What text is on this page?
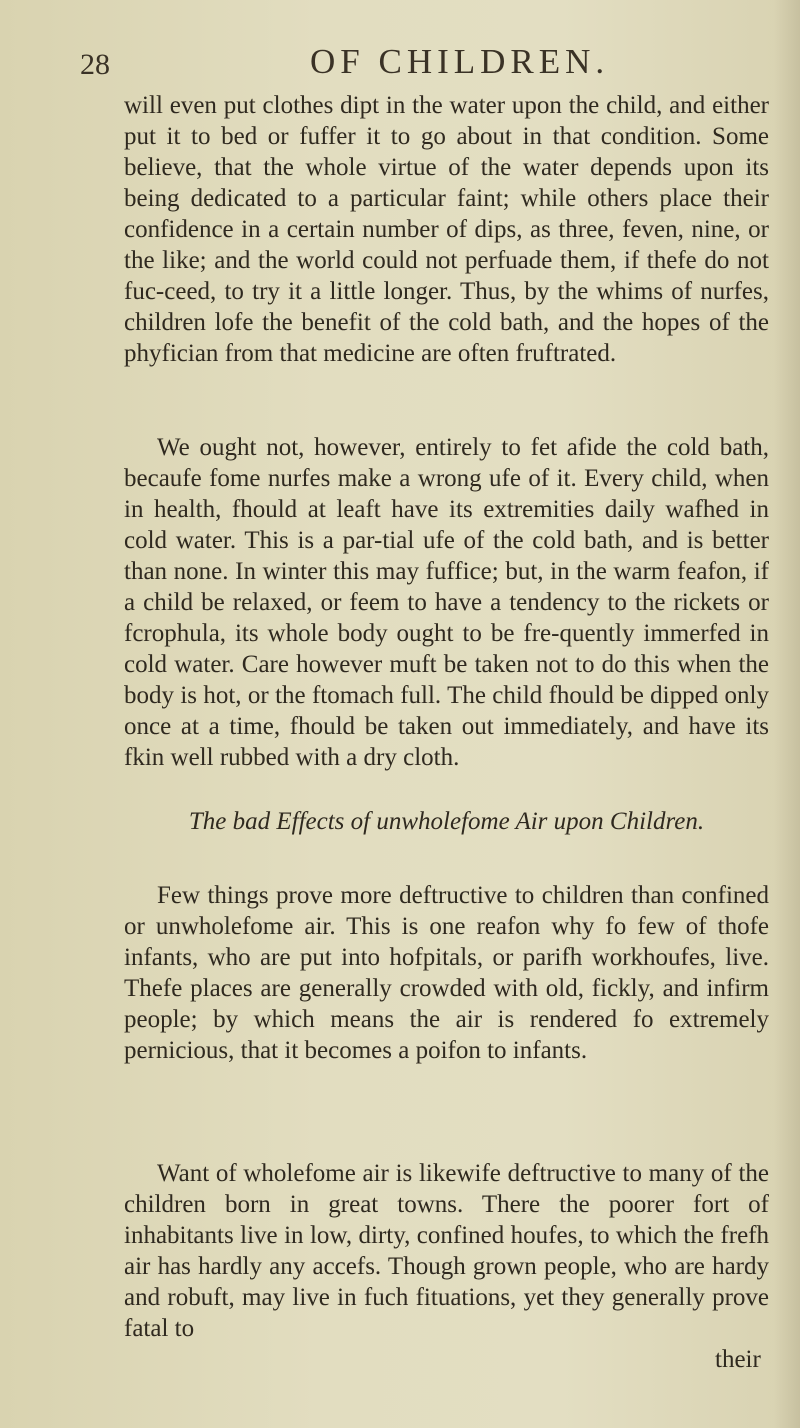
28	OF CHILDREN.
will even put clothes dipt in the water upon the child, and either put it to bed or fuffer it to go about in that condition. Some believe, that the whole virtue of the water depends upon its being dedicated to a particular faint; while others place their confidence in a certain number of dips, as three, feven, nine, or the like; and the world could not perfuade them, if thefe do not fuc-ceed, to try it a little longer. Thus, by the whims of nurfes, children lofe the benefit of the cold bath, and the hopes of the phyfician from that medicine are often fruftrated.
We ought not, however, entirely to fet afide the cold bath, becaufe fome nurfes make a wrong ufe of it. Every child, when in health, fhould at leaft have its extremities daily wafhed in cold water. This is a par-tial ufe of the cold bath, and is better than none. In winter this may fuffice; but, in the warm feafon, if a child be relaxed, or feem to have a tendency to the rickets or fcrophula, its whole body ought to be fre-quently immerfed in cold water. Care however muft be taken not to do this when the body is hot, or the ftomach full. The child fhould be dipped only once at a time, fhould be taken out immediately, and have its fkin well rubbed with a dry cloth.
The bad Effects of unwholefome Air upon Children.
Few things prove more deftructive to children than confined or unwholefome air. This is one reafon why fo few of thofe infants, who are put into hofpitals, or parifh workhoufes, live. Thefe places are generally crowded with old, fickly, and infirm people; by which means the air is rendered fo extremely pernicious, that it becomes a poifon to infants.
Want of wholefome air is likewife deftructive to many of the children born in great towns. There the poorer fort of inhabitants live in low, dirty, confined houfes, to which the frefh air has hardly any accefs. Though grown people, who are hardy and robuft, may live in fuch fituations, yet they generally prove fatal to
their
